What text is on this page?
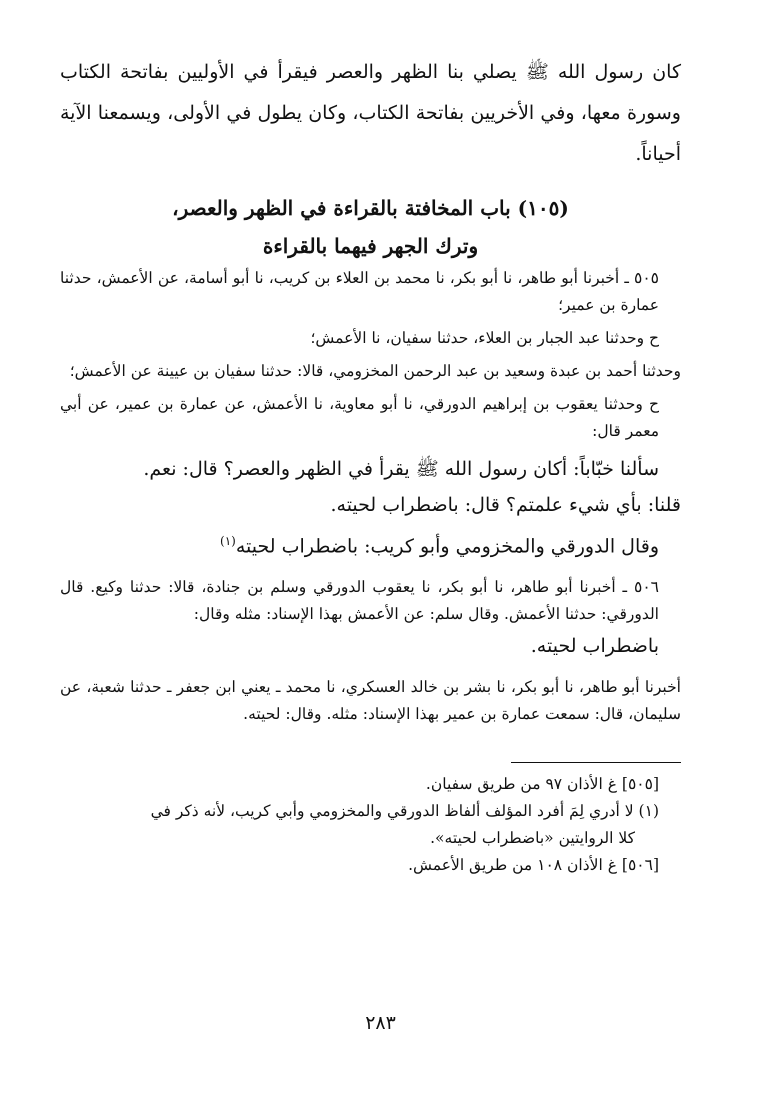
كان رسول الله ﷺ يصلي بنا الظهر والعصر فيقرأ في الأوليين بفاتحة الكتاب وسورة معها، وفي الأخريين بفاتحة الكتاب، وكان يطول في الأولى، ويسمعنا الآية أحياناً.

(١٠٥) باب المخافتة بالقراءة في الظهر والعصر،
وترك الجهر فيهما بالقراءة

٥٠٥ ـ أخبرنا أبو طاهر، نا أبو بكر، نا محمد بن العلاء بن كريب، نا أبو أسامة، عن الأعمش، حدثنا عمارة بن عمير؛

ح وحدثنا عبد الجبار بن العلاء، حدثنا سفيان، نا الأعمش؛

وحدثنا أحمد بن عبدة وسعيد بن عبد الرحمن المخزومي، قالا: حدثنا سفيان بن عيينة عن الأعمش؛

ح وحدثنا يعقوب بن إبراهيم الدورقي، نا أبو معاوية، نا الأعمش، عن عمارة بن عمير، عن أبي معمر قال:

سألنا خبّاباً: أكان رسول الله ﷺ يقرأ في الظهر والعصر؟ قال: نعم.

قلنا: بأي شيء علمتم؟ قال: باضطراب لحيته.

وقال الدورقي والمخزومي وأبو كريب: باضطراب لحيته$^{(١)}$

٥٠٦ ـ أخبرنا أبو طاهر، نا أبو بكر، نا يعقوب الدورقي وسلم بن جنادة، قالا: حدثنا وكيع. قال الدورقي: حدثنا الأعمش. وقال سلم: عن الأعمش بهذا الإسناد: مثله وقال:

باضطراب لحيته.

أخبرنا أبو طاهر، نا أبو بكر، نا بشر بن خالد العسكري، نا محمد ـ يعني ابن جعفر ـ حدثنا شعبة، عن سليمان، قال: سمعت عمارة بن عمير بهذا الإسناد: مثله. وقال: لحيته.

[٥٠٥] غ الأذان ٩٧ من طريق سفيان.

(١) لا أدري لِمَ أفرد المؤلف ألفاظ الدورقي والمخزومي وأبي كريب، لأنه ذكر في

كلا الروايتين «باضطراب لحيته».

[٥٠٦] غ الأذان ١٠٨ من طريق الأعمش.

٢٨٣
